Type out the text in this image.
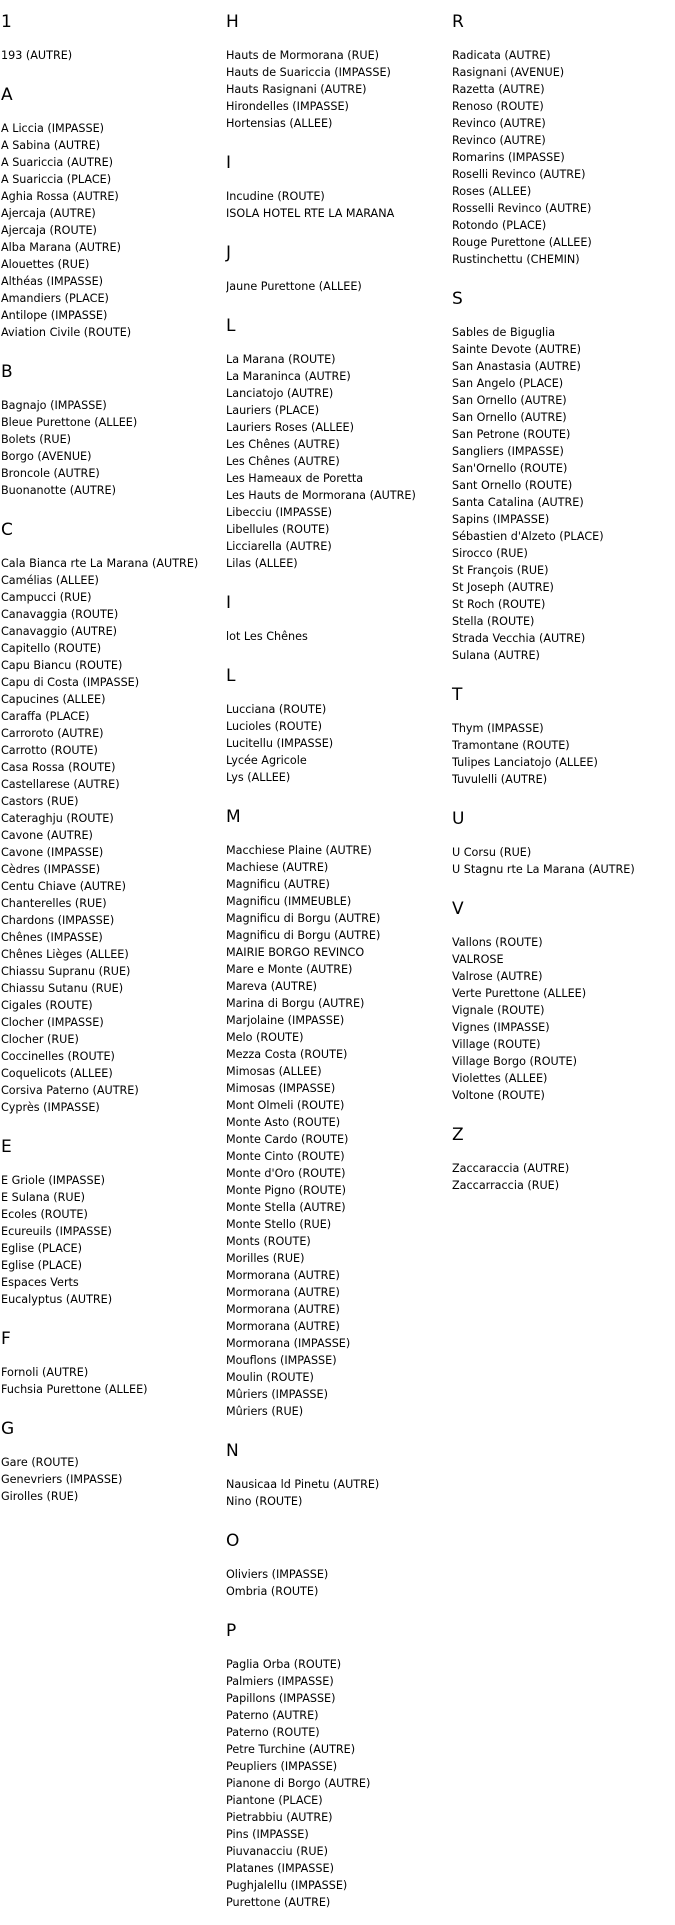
1
193 (AUTRE)
A
A Liccia (IMPASSE)
A Sabina (AUTRE)
A Suariccia (AUTRE)
A Suariccia (PLACE)
Aghia Rossa (AUTRE)
Ajercaja (AUTRE)
Ajercaja (ROUTE)
Alba Marana (AUTRE)
Alouettes (RUE)
Althéas (IMPASSE)
Amandiers (PLACE)
Antilope (IMPASSE)
Aviation Civile (ROUTE)
B
Bagnajo (IMPASSE)
Bleue Purettone (ALLEE)
Bolets (RUE)
Borgo (AVENUE)
Broncole (AUTRE)
Buonanotte (AUTRE)
C
Cala Bianca rte La Marana (AUTRE)
Camélias (ALLEE)
Campucci (RUE)
Canavaggia (ROUTE)
Canavaggio (AUTRE)
Capitello (ROUTE)
Capu Biancu (ROUTE)
Capu di Costa (IMPASSE)
Capucines (ALLEE)
Caraffa (PLACE)
Carroroto (AUTRE)
Carrotto (ROUTE)
Casa Rossa (ROUTE)
Castellarese (AUTRE)
Castors (RUE)
Cateraghju (ROUTE)
Cavone (AUTRE)
Cavone (IMPASSE)
Cèdres (IMPASSE)
Centu Chiave (AUTRE)
Chanterelles (RUE)
Chardons (IMPASSE)
Chênes (IMPASSE)
Chênes Lièges (ALLEE)
Chiassu Supranu (RUE)
Chiassu Sutanu (RUE)
Cigales (ROUTE)
Clocher (IMPASSE)
Clocher (RUE)
Coccinelles (ROUTE)
Coquelicots (ALLEE)
Corsiva Paterno (AUTRE)
Cyprès (IMPASSE)
E
E Griole (IMPASSE)
E Sulana (RUE)
Ecoles (ROUTE)
Ecureuils (IMPASSE)
Eglise (PLACE)
Eglise (PLACE)
Espaces Verts
Eucalyptus (AUTRE)
F
Fornoli (AUTRE)
Fuchsia Purettone (ALLEE)
G
Gare (ROUTE)
Genevriers (IMPASSE)
Girolles (RUE)
H
Hauts de Mormorana (RUE)
Hauts de Suariccia (IMPASSE)
Hauts Rasignani (AUTRE)
Hirondelles (IMPASSE)
Hortensias (ALLEE)
I
Incudine (ROUTE)
ISOLA HOTEL RTE LA MARANA
J
Jaune Purettone (ALLEE)
L
La Marana (ROUTE)
La Maraninca (AUTRE)
Lanciatojo (AUTRE)
Lauriers (PLACE)
Lauriers Roses (ALLEE)
Les Chênes (AUTRE)
Les Chênes (AUTRE)
Les Hameaux de Poretta
Les Hauts de Mormorana (AUTRE)
Libecciu (IMPASSE)
Libellules (ROUTE)
Licciarella (AUTRE)
Lilas (ALLEE)
I
lot Les Chênes
L
Lucciana (ROUTE)
Lucioles (ROUTE)
Lucitellu (IMPASSE)
Lycée Agricole
Lys (ALLEE)
M
Macchiese Plaine (AUTRE)
Machiese (AUTRE)
Magnificu (AUTRE)
Magnificu (IMMEUBLE)
Magnificu di Borgu (AUTRE)
Magnificu di Borgu (AUTRE)
MAIRIE BORGO REVINCO
Mare e Monte (AUTRE)
Mareva (AUTRE)
Marina di Borgu (AUTRE)
Marjolaine (IMPASSE)
Melo (ROUTE)
Mezza Costa (ROUTE)
Mimosas (ALLEE)
Mimosas (IMPASSE)
Mont Olmeli (ROUTE)
Monte Asto (ROUTE)
Monte Cardo (ROUTE)
Monte Cinto (ROUTE)
Monte d'Oro (ROUTE)
Monte Pigno (ROUTE)
Monte Stella (AUTRE)
Monte Stello (RUE)
Monts (ROUTE)
Morilles (RUE)
Mormorana (AUTRE)
Mormorana (AUTRE)
Mormorana (AUTRE)
Mormorana (AUTRE)
Mormorana (IMPASSE)
Mouflons (IMPASSE)
Moulin (ROUTE)
Mûriers (IMPASSE)
Mûriers (RUE)
N
Nausicaa ld Pinetu (AUTRE)
Nino (ROUTE)
O
Oliviers (IMPASSE)
Ombria (ROUTE)
P
Paglia Orba (ROUTE)
Palmiers (IMPASSE)
Papillons (IMPASSE)
Paterno (AUTRE)
Paterno (ROUTE)
Petre Turchine (AUTRE)
Peupliers (IMPASSE)
Pianone di Borgo (AUTRE)
Piantone (PLACE)
Pietrabbiu (AUTRE)
Pins (IMPASSE)
Piuvanacciu (RUE)
Platanes (IMPASSE)
Pughjalellu (IMPASSE)
Purettone (AUTRE)
R
Radicata (AUTRE)
Rasignani (AVENUE)
Razetta (AUTRE)
Renoso (ROUTE)
Revinco (AUTRE)
Revinco (AUTRE)
Romarins (IMPASSE)
Roselli Revinco (AUTRE)
Roses (ALLEE)
Rosselli Revinco (AUTRE)
Rotondo (PLACE)
Rouge Purettone (ALLEE)
Rustinchettu (CHEMIN)
S
Sables de Biguglia
Sainte Devote (AUTRE)
San Anastasia (AUTRE)
San Angelo (PLACE)
San Ornello (AUTRE)
San Ornello (AUTRE)
San Petrone (ROUTE)
Sangliers (IMPASSE)
San'Ornello (ROUTE)
Sant Ornello (ROUTE)
Santa Catalina (AUTRE)
Sapins (IMPASSE)
Sébastien d'Alzeto (PLACE)
Sirocco (RUE)
St François (RUE)
St Joseph (AUTRE)
St Roch (ROUTE)
Stella (ROUTE)
Strada Vecchia (AUTRE)
Sulana (AUTRE)
T
Thym (IMPASSE)
Tramontane (ROUTE)
Tulipes Lanciatojo (ALLEE)
Tuvulelli (AUTRE)
U
U Corsu (RUE)
U Stagnu rte La Marana (AUTRE)
V
Vallons (ROUTE)
VALROSE
Valrose (AUTRE)
Verte Purettone (ALLEE)
Vignale (ROUTE)
Vignes (IMPASSE)
Village (ROUTE)
Village Borgo (ROUTE)
Violettes (ALLEE)
Voltone (ROUTE)
Z
Zaccaraccia (AUTRE)
Zaccarraccia (RUE)
